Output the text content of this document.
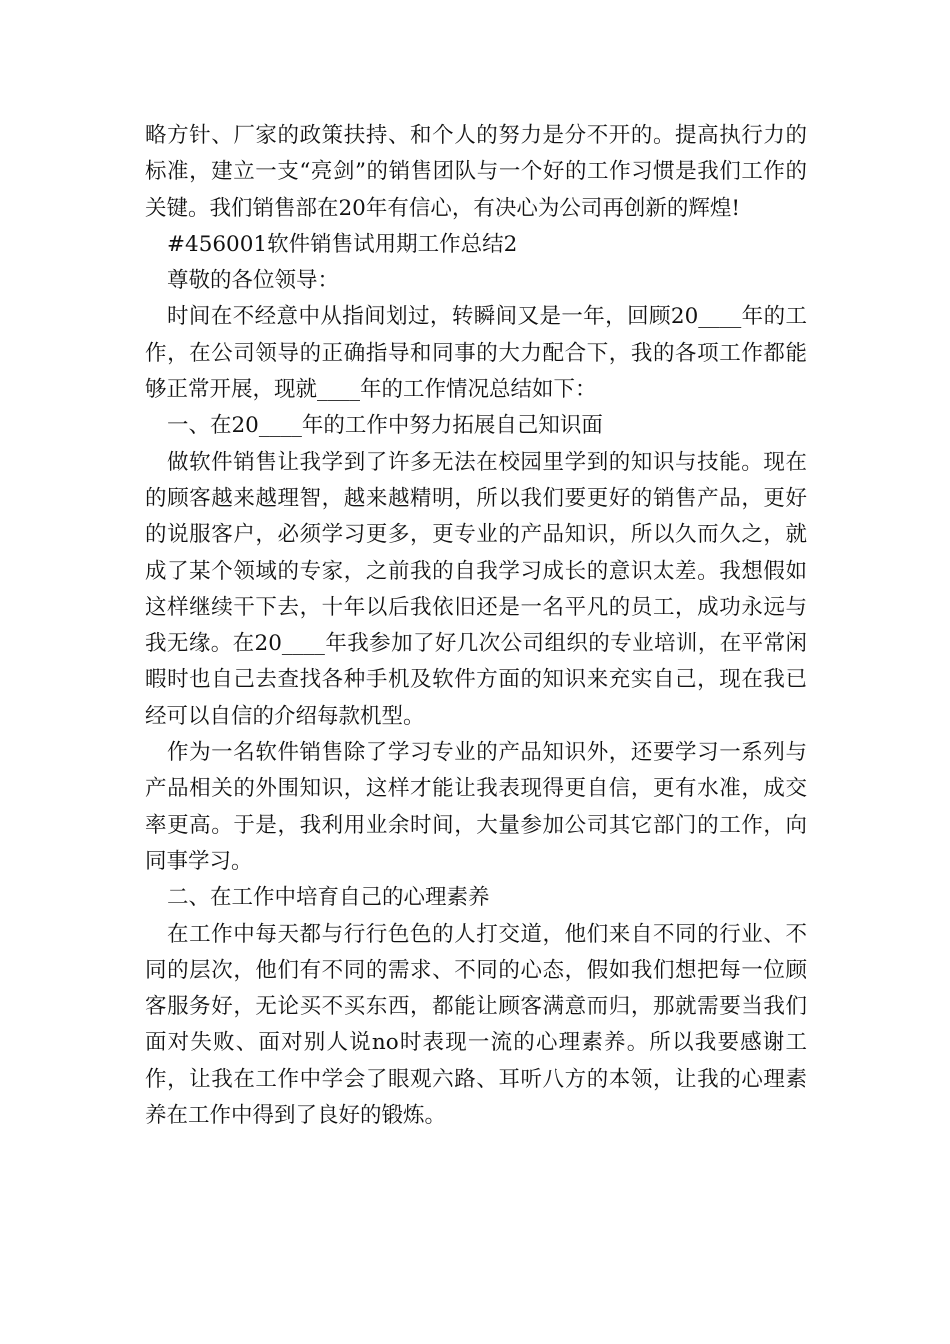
略方针、厂家的政策扶持、和个人的努力是分不开的。提高执行力的标准，建立一支“亮剑”的销售团队与一个好的工作习惯是我们工作的关键。我们销售部在20年有信心，有决心为公司再创新的辉煌!

#456001软件销售试用期工作总结2

尊敬的各位领导：

时间在不经意中从指间划过，转瞬间又是一年，回顾20____年的工作，在公司领导的正确指导和同事的大力配合下，我的各项工作都能够正常开展，现就____年的工作情况总结如下：

一、在20____年的工作中努力拓展自己知识面

做软件销售让我学到了许多无法在校园里学到的知识与技能。现在的顾客越来越理智，越来越精明，所以我们要更好的销售产品，更好的说服客户，必须学习更多，更专业的产品知识，所以久而久之，就成了某个领域的专家，之前我的自我学习成长的意识太差。我想假如这样继续干下去，十年以后我依旧还是一名平凡的员工，成功永远与我无缘。在20____年我参加了好几次公司组织的专业培训，在平常闲暇时也自己去查找各种手机及软件方面的知识来充实自己，现在我已经可以自信的介绍每款机型。

作为一名软件销售除了学习专业的产品知识外，还要学习一系列与产品相关的外围知识，这样才能让我表现得更自信，更有水准，成交率更高。于是，我利用业余时间，大量参加公司其它部门的工作，向同事学习。

二、在工作中培育自己的心理素养

在工作中每天都与行行色色的人打交道，他们来自不同的行业、不同的层次，他们有不同的需求、不同的心态，假如我们想把每一位顾客服务好，无论买不买东西，都能让顾客满意而归，那就需要当我们面对失败、面对别人说no时表现一流的心理素养。所以我要感谢工作，让我在工作中学会了眼观六路、耳听八方的本领，让我的心理素养在工作中得到了良好的锻炼。
